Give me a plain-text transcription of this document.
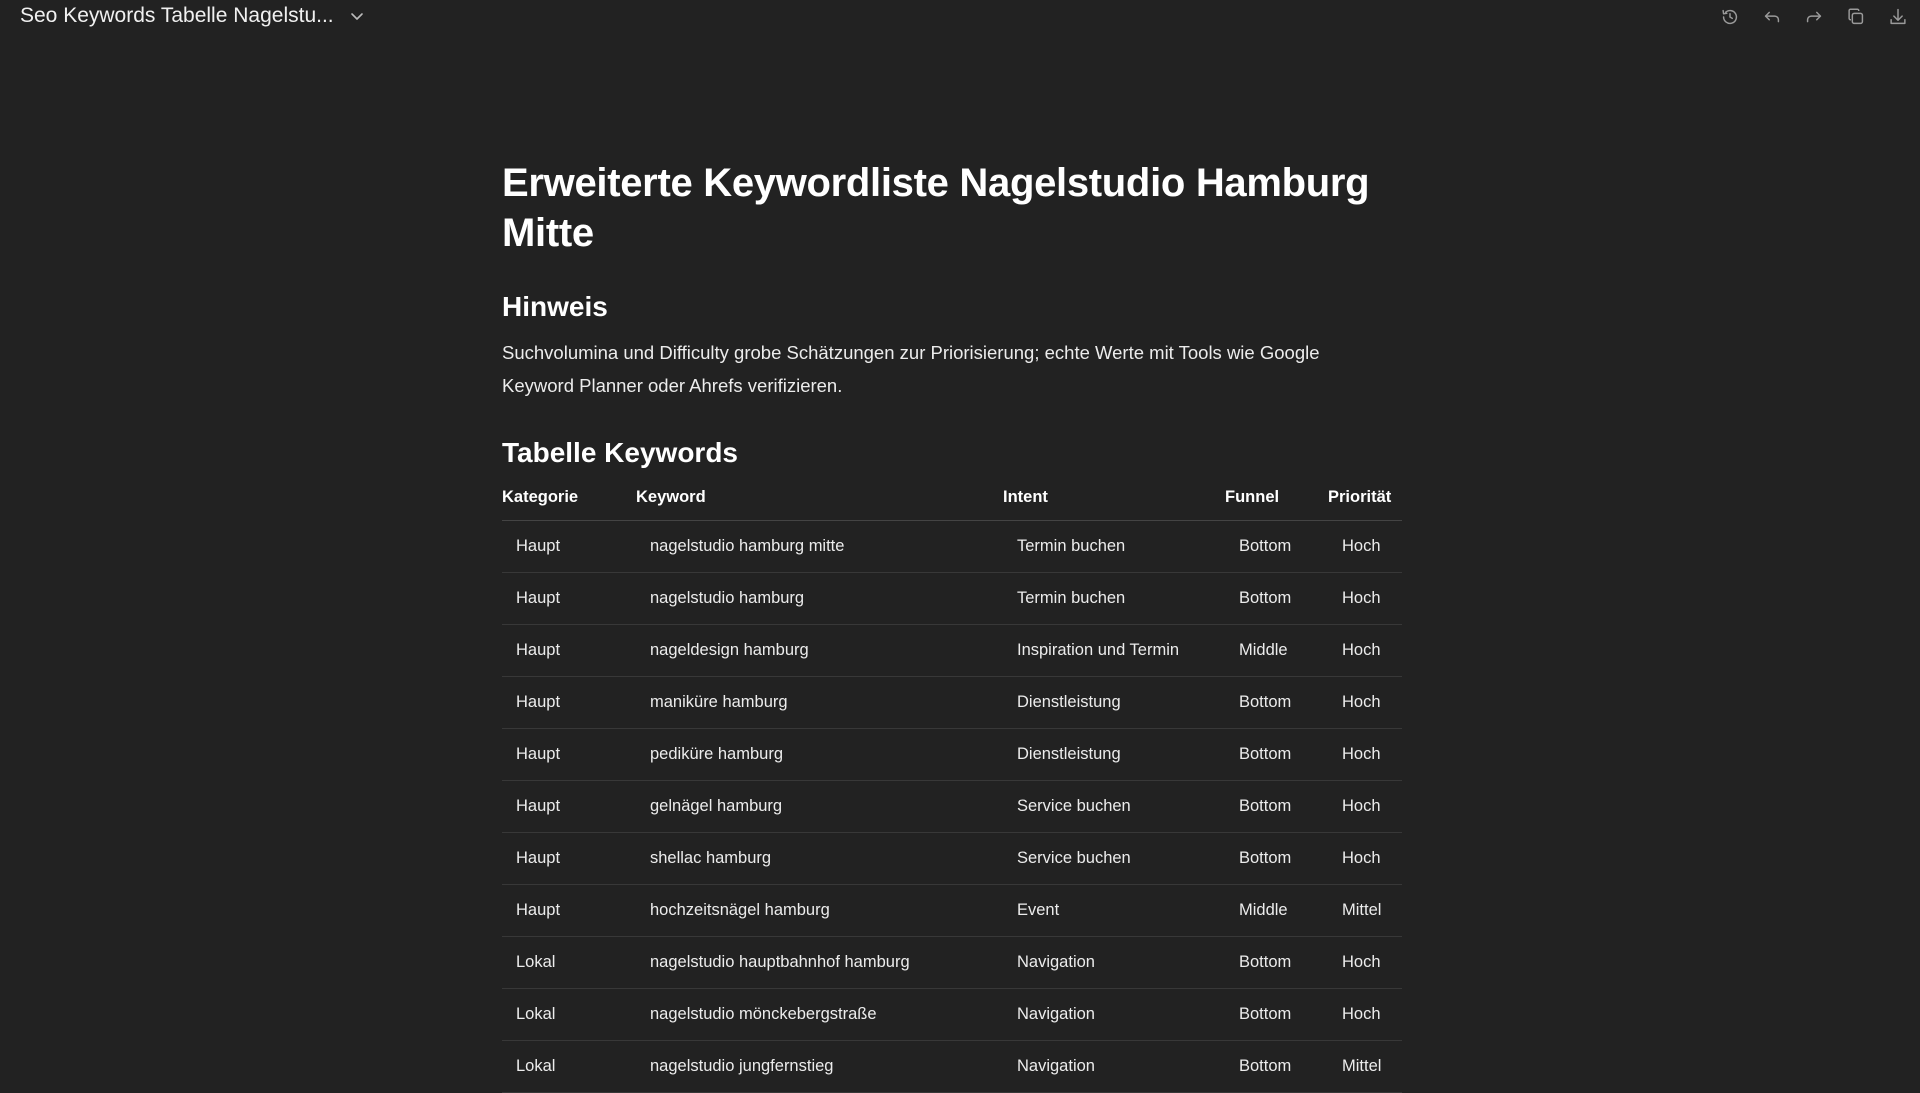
Seo Keywords Tabelle Nagelstu...
Erweiterte Keywordliste Nagelstudio Hamburg Mitte
Hinweis
Suchvolumina und Difficulty grobe Schätzungen zur Priorisierung; echte Werte mit Tools wie Google Keyword Planner oder Ahrefs verifizieren.
Tabelle Keywords
Kategorie	Keyword	Intent	Funnel	Priorität
Haupt	nagelstudio hamburg mitte	Termin buchen	Bottom	Hoch
Haupt	nagelstudio hamburg	Termin buchen	Bottom	Hoch
Haupt	nageldesign hamburg	Inspiration und Termin	Middle	Hoch
Haupt	maniküre hamburg	Dienstleistung	Bottom	Hoch
Haupt	pediküre hamburg	Dienstleistung	Bottom	Hoch
Haupt	gelnägel hamburg	Service buchen	Bottom	Hoch
Haupt	shellac hamburg	Service buchen	Bottom	Hoch
Haupt	hochzeitsnägel hamburg	Event	Middle	Mittel
Lokal	nagelstudio hauptbahnhof hamburg	Navigation	Bottom	Hoch
Lokal	nagelstudio mönckebergstraße	Navigation	Bottom	Hoch
Lokal	nagelstudio jungfernstieg	Navigation	Bottom	Mittel
